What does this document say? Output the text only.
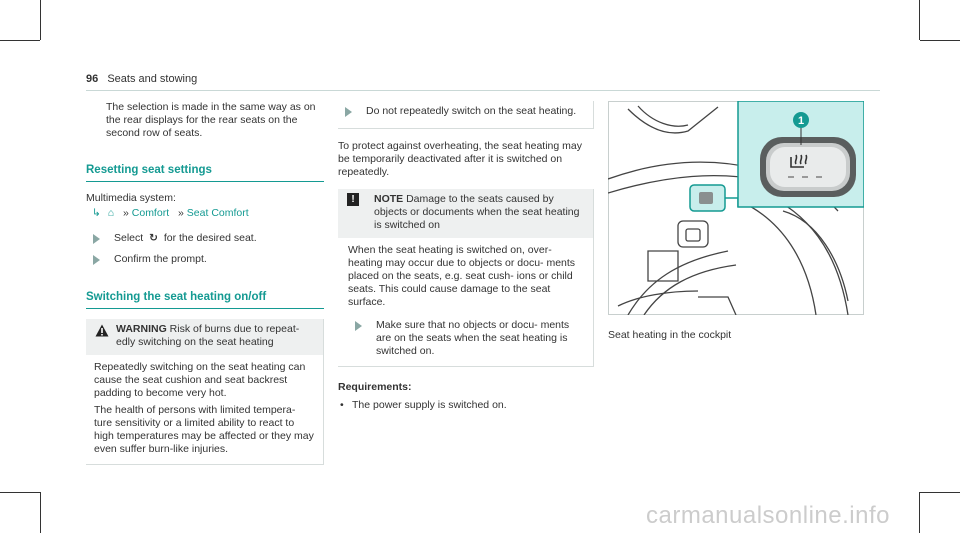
96 Seats and stowing

The selection is made in the same way as on the rear displays for the rear seats on the second row of seats.

Resetting seat settings

Multimedia system:

↳ ⌂ » Comfort » Seat Comfort
Select ↻ for the desired seat.
Confirm the prompt.
Switching the seat heating on/off
WARNING Risk of burns due to repeat- edly switching on the seat heating

Repeatedly switching on the seat heating can cause the seat cushion and seat backrest padding to become very hot.

The health of persons with limited tempera- ture sensitivity or a limited ability to react to high temperatures may be affected or they may even suffer burn-like injuries.

Do not repeatedly switch on the seat heating.

To protect against overheating, the seat heating may be temporarily deactivated after it is switched on repeatedly.

!	NOTE Damage to the seats caused by objects or documents when the seat heating is switched on

When the seat heating is switched on, over- heating may occur due to objects or docu- ments placed on the seats, e.g. seat cush- ions or child seats. This could cause damage to the seat surface.

Make sure that no objects or docu- ments are on the seats when the seat heating is switched on.

Requirements:

• The power supply is switched on.
1
Seat heating in the cockpit
carmanualsonline.info
